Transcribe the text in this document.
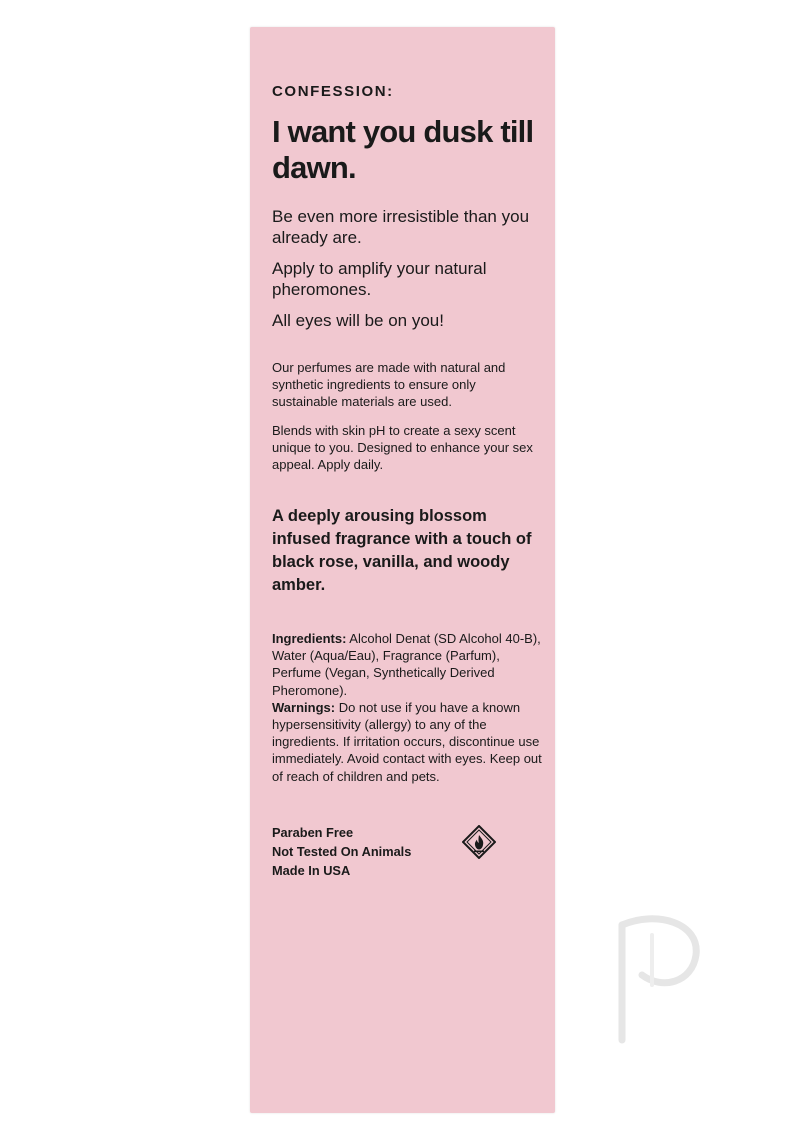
CONFESSION:
I want you dusk till dawn.

Be even more irresistible than you already are.

Apply to amplify your natural pheromones.

All eyes will be on you!

Our perfumes are made with natural and synthetic ingredients to ensure only sustainable materials are used.

Blends with skin pH to create a sexy scent unique to you. Designed to enhance your sex appeal. Apply daily.

A deeply arousing blossom infused fragrance with a touch of black rose, vanilla, and woody amber.
Ingredients: Alcohol Denat (SD Alcohol 40-B), Water (Aqua/Eau), Fragrance (Parfum), Perfume (Vegan, Synthetically Derived Pheromone).
Warnings: Do not use if you have a known hypersensitivity (allergy) to any of the ingredients. If irritation occurs, discontinue use immediately. Avoid contact with eyes. Keep out of reach of children and pets.
Paraben Free
Not Tested On Animals
Made In USA
